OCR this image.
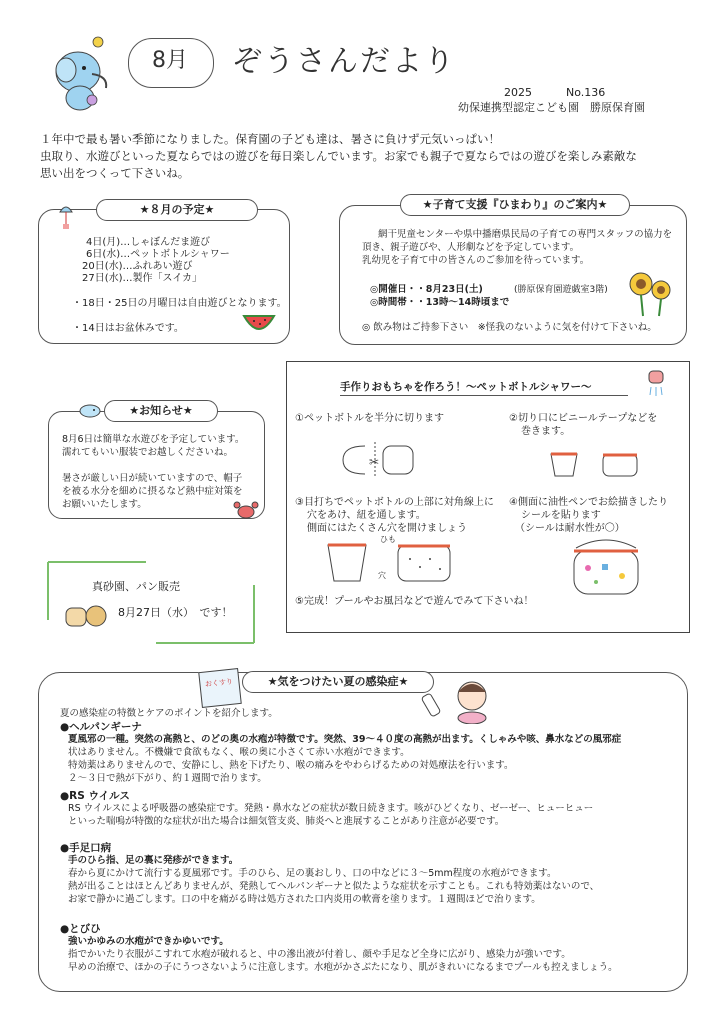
8月	ぞうさんだより
2025	No.136
幼保連携型認定こども園　勝原保育園
１年中で最も暑い季節になりました。保育園の子ども達は、暑さに負けず元気いっぱい！
虫取り、水遊びといった夏ならではの遊びを毎日楽しんでいます。お家でも親子で夏ならではの遊びを楽しみ素敵な
思い出をつくって下さいね。
★８月の予定★
4日(月)…しゃぼんだま遊び
6日(水)…ペットボトルシャワー
20日(水)…ふれあい遊び
27日(水)…製作「スイカ」
・18日・25日の月曜日は自由遊びとなります。
・14日はお盆休みです。
★子育て支援『ひまわり』のご案内★
網干児童センターや県中播磨県民局の子育ての専門スタッフの協力を
頂き、親子遊びや、人形劇などを予定しています。
乳幼児を子育て中の皆さんのご参加を待っています。
◎開催日・・8月23日(土)	(勝原保育園遊戯室3階)
◎時間帯・・13時～14時頃まで
◎ 飲み物はご持参下さい　※怪我のないように気を付けて下さいね。
★お知らせ★
8月6日は簡単な水遊びを予定しています。
濡れてもいい服装でお越しくださいね。
暑さが厳しい日が続いていますので、帽子
を被る水分を細めに摂るなど熱中症対策を
お願いいたします。
真砂園、パン販売
8月27日（水）　です！
手作りおもちゃを作ろう！～ペットボトルシャワー～
①ペットボトルを半分に切ります	②切り口にビニールテープなどを
巻きます。
✂
③目打ちでペットボトルの上部に対角線上に
穴をあけ、紐を通します。
側面にはたくさん穴を開けましょう
④側面に油性ペンでお絵描きしたり
シールを貼ります
（シールは耐水性が〇）
ひも
穴
⑤完成！プールやお風呂などで遊んでみて下さいね！
★気をつけたい夏の感染症★
おくすり
夏の感染症の特徴とケアのポイントを紹介します。
●ヘルパンギーナ
夏風邪の一種。突然の高熱と、のどの奥の水疱が特徴です。突然、39～４０度の高熱が出ます。くしゃみや咳、鼻水などの風邪症
状はありません。不機嫌で食欲もなく、喉の奥に小さくて赤い水疱ができます。
特効薬はありませんので、安静にし、熱を下げたり、喉の痛みをやわらげるための対処療法を行います。
２～３日で熱が下がり、約１週間で治ります。
●RS ウイルス
RS ウイルスによる呼吸器の感染症です。発熱・鼻水などの症状が数日続きます。咳がひどくなり、ゼーゼー、ヒューヒュー
といった喘鳴が特徴的な症状が出た場合は細気管支炎、肺炎へと進展することがあり注意が必要です。
●手足口病
手のひら指、足の裏に発疹ができます。
春から夏にかけて流行する夏風邪です。手のひら、足の裏おしり、口の中などに３～5mm程度の水疱ができます。
熱が出ることはほとんどありませんが、発熱してヘルパンギーナと似たような症状を示すことも。これも特効薬はないので、
お家で静かに過ごします。口の中を痛がる時は処方された口内炎用の軟膏を塗ります。１週間ほどで治ります。
●とびひ
強いかゆみの水疱ができかゆいです。
指でかいたり衣服がこすれて水疱が破れると、中の滲出液が付着し、顔や手足など全身に広がり、感染力が強いです。
早めの治療で、ほかの子にうつさないように注意します。水疱がかさぶたになり、肌がきれいになるまでプールも控えましょう。
